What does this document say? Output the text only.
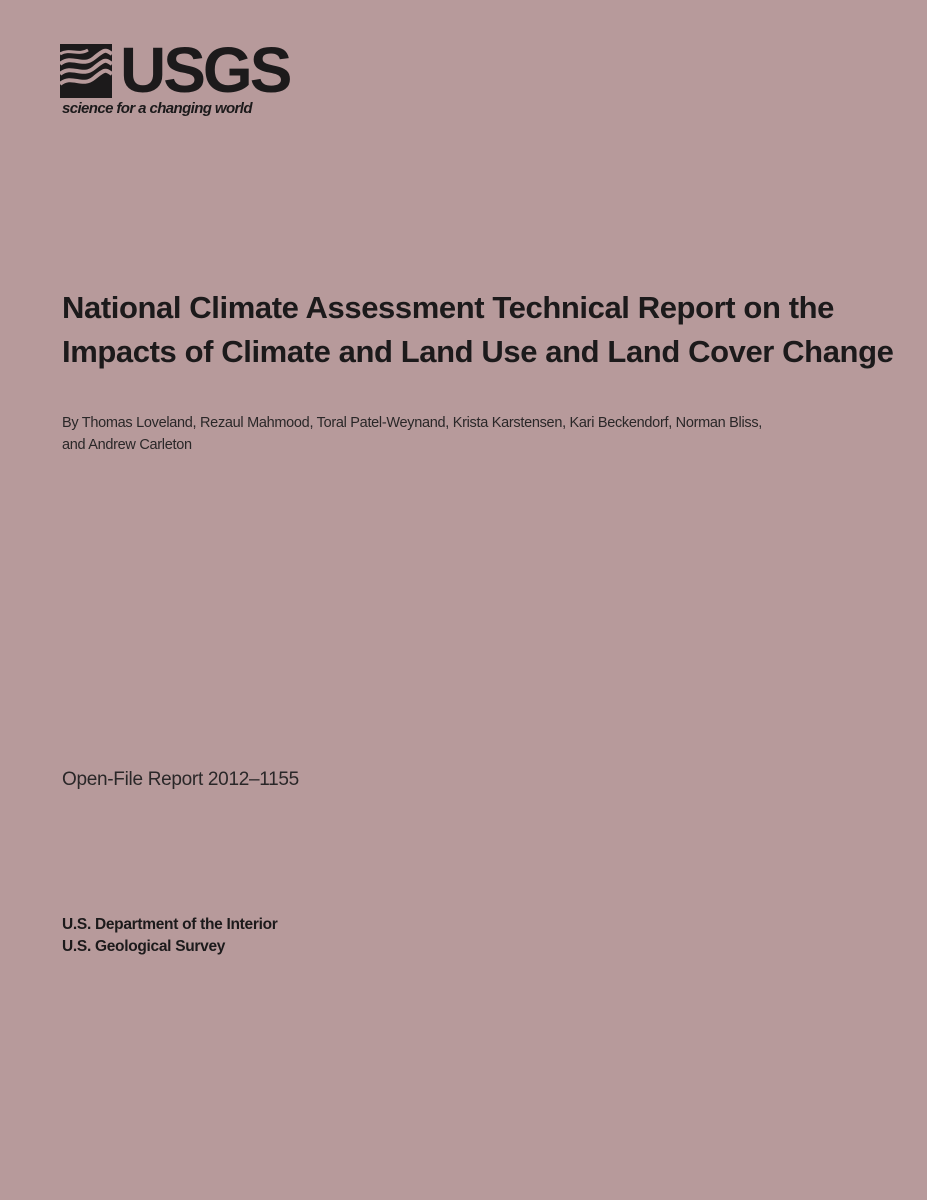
USGS
science for a changing world
National Climate Assessment Technical Report on the
Impacts of Climate and Land Use and Land Cover Change
By Thomas Loveland, Rezaul Mahmood, Toral Patel-Weynand, Krista Karstensen, Kari Beckendorf, Norman Bliss,
and Andrew Carleton
Open-File Report 2012–1155
U.S. Department of the Interior
U.S. Geological Survey
